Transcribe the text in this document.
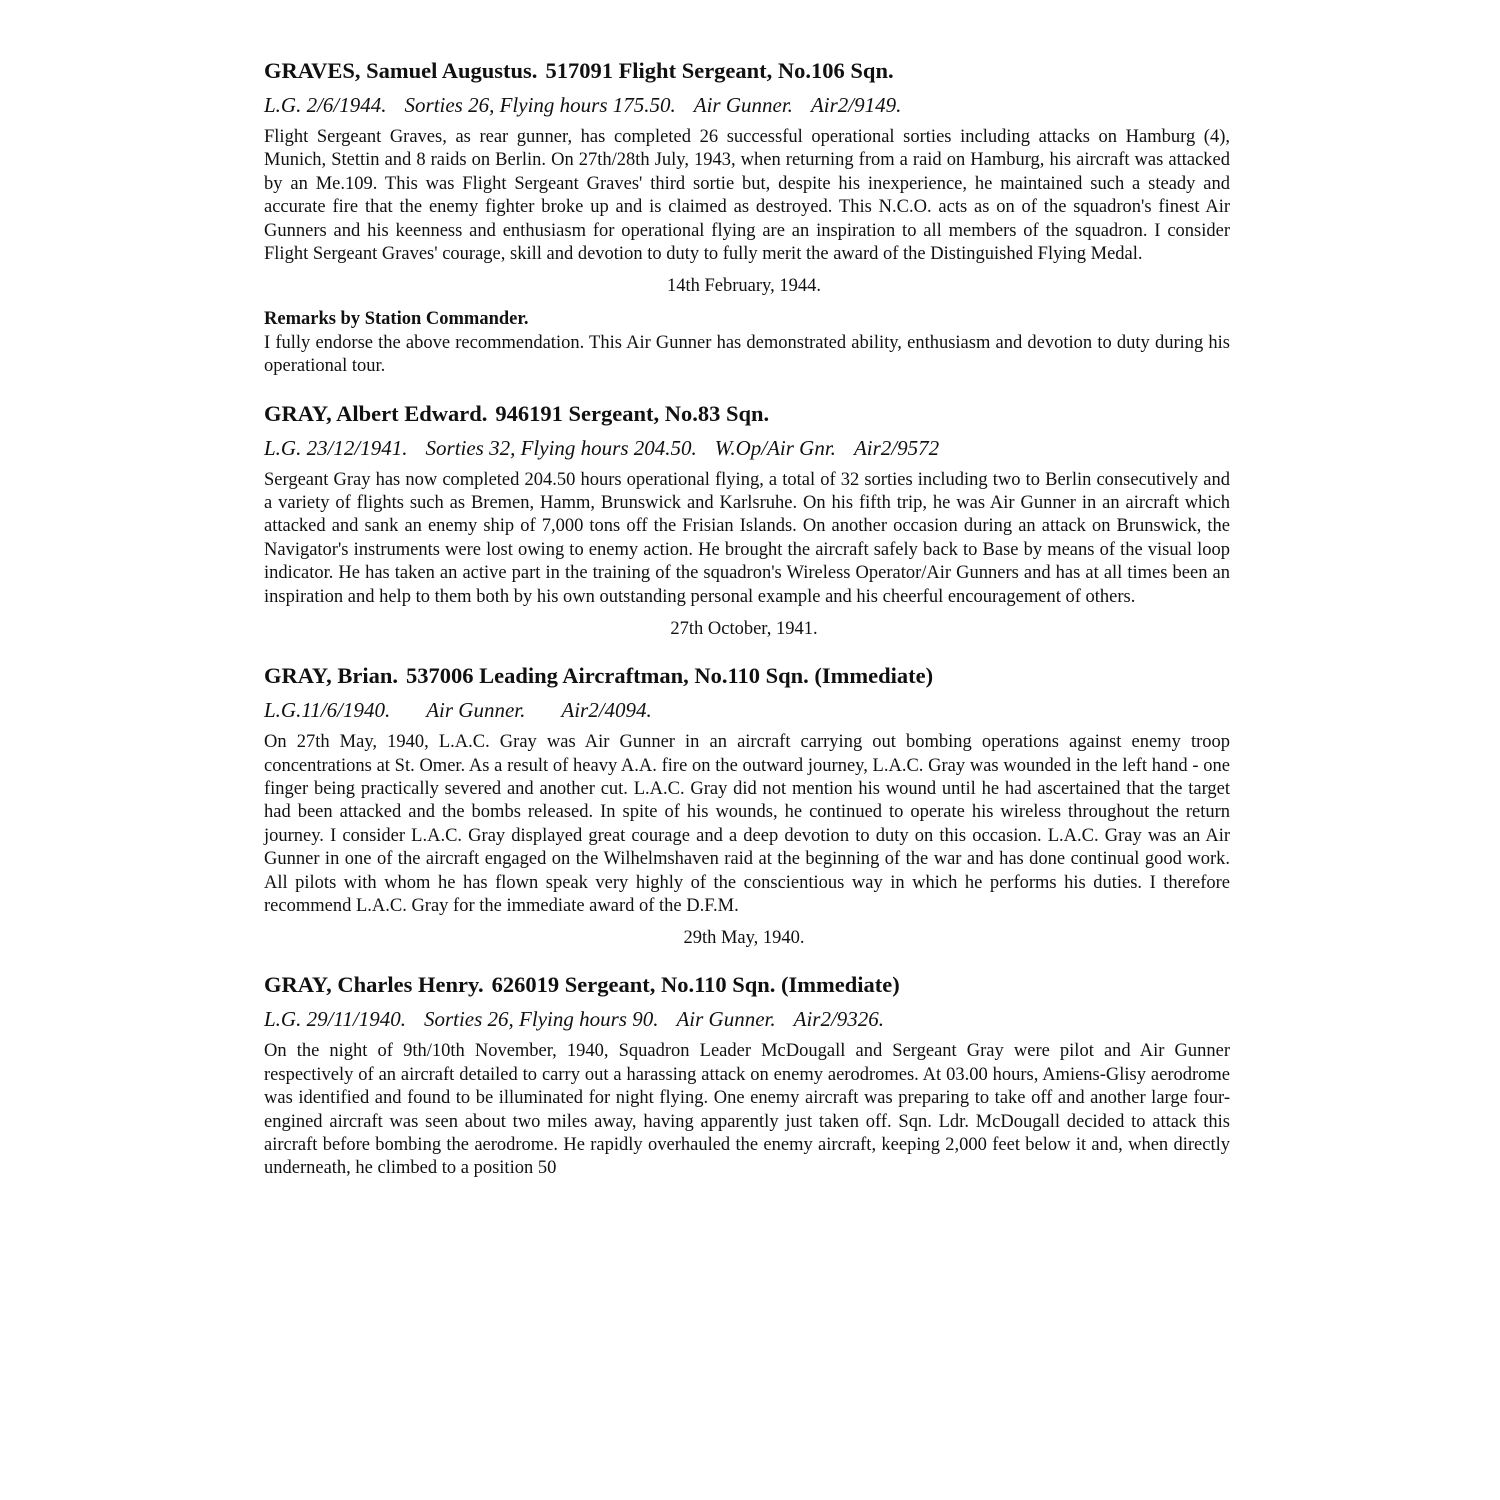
GRAVES, Samuel Augustus. 517091 Flight Sergeant, No.106 Sqn.
L.G. 2/6/1944. Sorties 26, Flying hours 175.50. Air Gunner. Air2/9149.

Flight Sergeant Graves, as rear gunner, has completed 26 successful operational sorties including attacks on Hamburg (4), Munich, Stettin and 8 raids on Berlin. On 27th/28th July, 1943, when returning from a raid on Hamburg, his aircraft was attacked by an Me.109. This was Flight Sergeant Graves' third sortie but, despite his inexperience, he maintained such a steady and accurate fire that the enemy fighter broke up and is claimed as destroyed. This N.C.O. acts as on of the squadron's finest Air Gunners and his keenness and enthusiasm for operational flying are an inspiration to all members of the squadron. I consider Flight Sergeant Graves' courage, skill and devotion to duty to fully merit the award of the Distinguished Flying Medal.

14th February, 1944.
Remarks by Station Commander.

I fully endorse the above recommendation. This Air Gunner has demonstrated ability, enthusiasm and devotion to duty during his operational tour.

GRAY, Albert Edward. 946191 Sergeant, No.83 Sqn.
L.G. 23/12/1941. Sorties 32, Flying hours 204.50. W.Op/Air Gnr. Air2/9572

Sergeant Gray has now completed 204.50 hours operational flying, a total of 32 sorties including two to Berlin consecutively and a variety of flights such as Bremen, Hamm, Brunswick and Karlsruhe. On his fifth trip, he was Air Gunner in an aircraft which attacked and sank an enemy ship of 7,000 tons off the Frisian Islands. On another occasion during an attack on Brunswick, the Navigator's instruments were lost owing to enemy action. He brought the aircraft safely back to Base by means of the visual loop indicator. He has taken an active part in the training of the squadron's Wireless Operator/Air Gunners and has at all times been an inspiration and help to them both by his own outstanding personal example and his cheerful encouragement of others.

27th October, 1941.
GRAY, Brian. 537006 Leading Aircraftman, No.110 Sqn. (Immediate)
L.G.11/6/1940. Air Gunner. Air2/4094.

On 27th May, 1940, L.A.C. Gray was Air Gunner in an aircraft carrying out bombing operations against enemy troop concentrations at St. Omer. As a result of heavy A.A. fire on the outward journey, L.A.C. Gray was wounded in the left hand - one finger being practically severed and another cut. L.A.C. Gray did not mention his wound until he had ascertained that the target had been attacked and the bombs released. In spite of his wounds, he continued to operate his wireless throughout the return journey. I consider L.A.C. Gray displayed great courage and a deep devotion to duty on this occasion. L.A.C. Gray was an Air Gunner in one of the aircraft engaged on the Wilhelmshaven raid at the beginning of the war and has done continual good work. All pilots with whom he has flown speak very highly of the conscientious way in which he performs his duties. I therefore recommend L.A.C. Gray for the immediate award of the D.F.M.

29th May, 1940.
GRAY, Charles Henry. 626019 Sergeant, No.110 Sqn. (Immediate)
L.G. 29/11/1940. Sorties 26, Flying hours 90. Air Gunner. Air2/9326.

On the night of 9th/10th November, 1940, Squadron Leader McDougall and Sergeant Gray were pilot and Air Gunner respectively of an aircraft detailed to carry out a harassing attack on enemy aerodromes. At 03.00 hours, Amiens-Glisy aerodrome was identified and found to be illuminated for night flying. One enemy aircraft was preparing to take off and another large four-engined aircraft was seen about two miles away, having apparently just taken off. Sqn. Ldr. McDougall decided to attack this aircraft before bombing the aerodrome. He rapidly overhauled the enemy aircraft, keeping 2,000 feet below it and, when directly underneath, he climbed to a position 50
